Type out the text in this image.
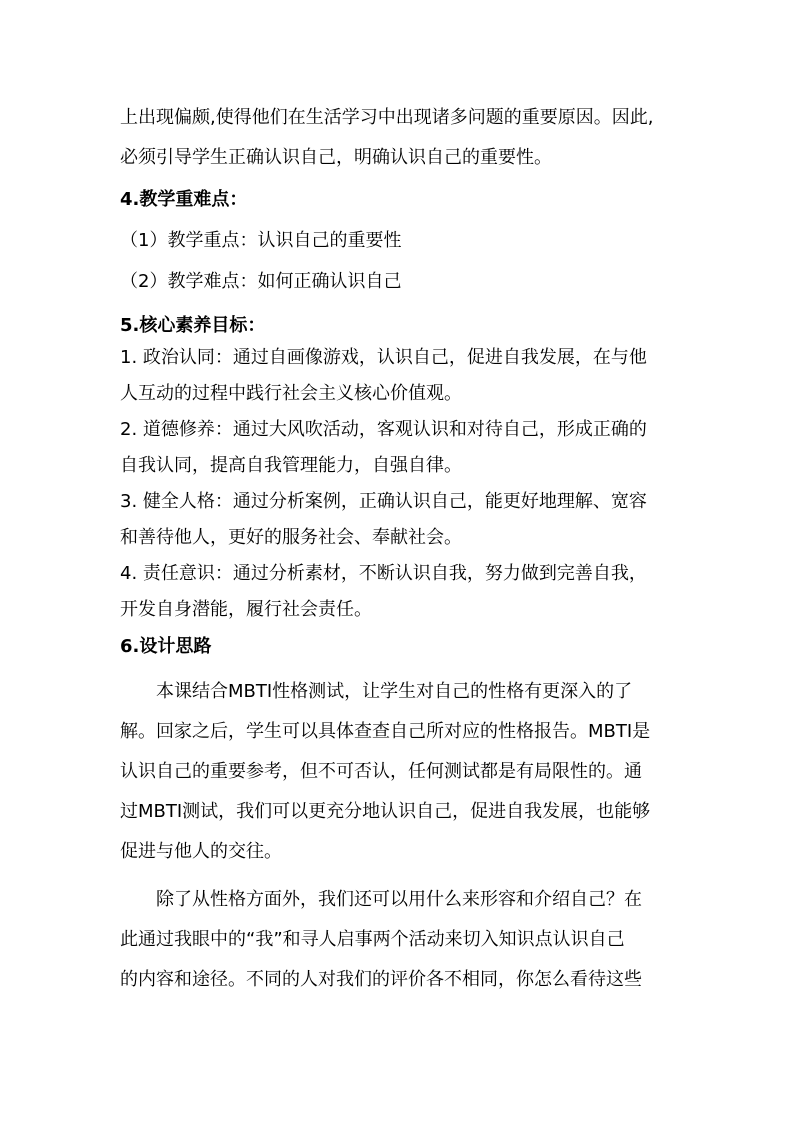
上出现偏颇,使得他们在生活学习中出现诸多问题的重要原因。因此,
必须引导学生正确认识自己，明确认识自己的重要性。
4.教学重难点：
（1）教学重点：认识自己的重要性
（2）教学难点：如何正确认识自己
5.核心素养目标：
1. 政治认同：通过自画像游戏，认识自己，促进自我发展，在与他
人互动的过程中践行社会主义核心价值观。
2. 道德修养：通过大风吹活动，客观认识和对待自己，形成正确的
自我认同，提高自我管理能力，自强自律。
3. 健全人格：通过分析案例，正确认识自己，能更好地理解、宽容
和善待他人，更好的服务社会、奉献社会。
4. 责任意识：通过分析素材，不断认识自我，努力做到完善自我，
开发自身潜能，履行社会责任。
6.设计思路
本课结合MBTI性格测试，让学生对自己的性格有更深入的了
解。回家之后，学生可以具体查查自己所对应的性格报告。MBTI是
认识自己的重要参考，但不可否认，任何测试都是有局限性的。通
过MBTI测试，我们可以更充分地认识自己，促进自我发展，也能够
促进与他人的交往。
除了从性格方面外，我们还可以用什么来形容和介绍自己？在
此通过我眼中的“我”和寻人启事两个活动来切入知识点认识自己
的内容和途径。不同的人对我们的评价各不相同，你怎么看待这些
